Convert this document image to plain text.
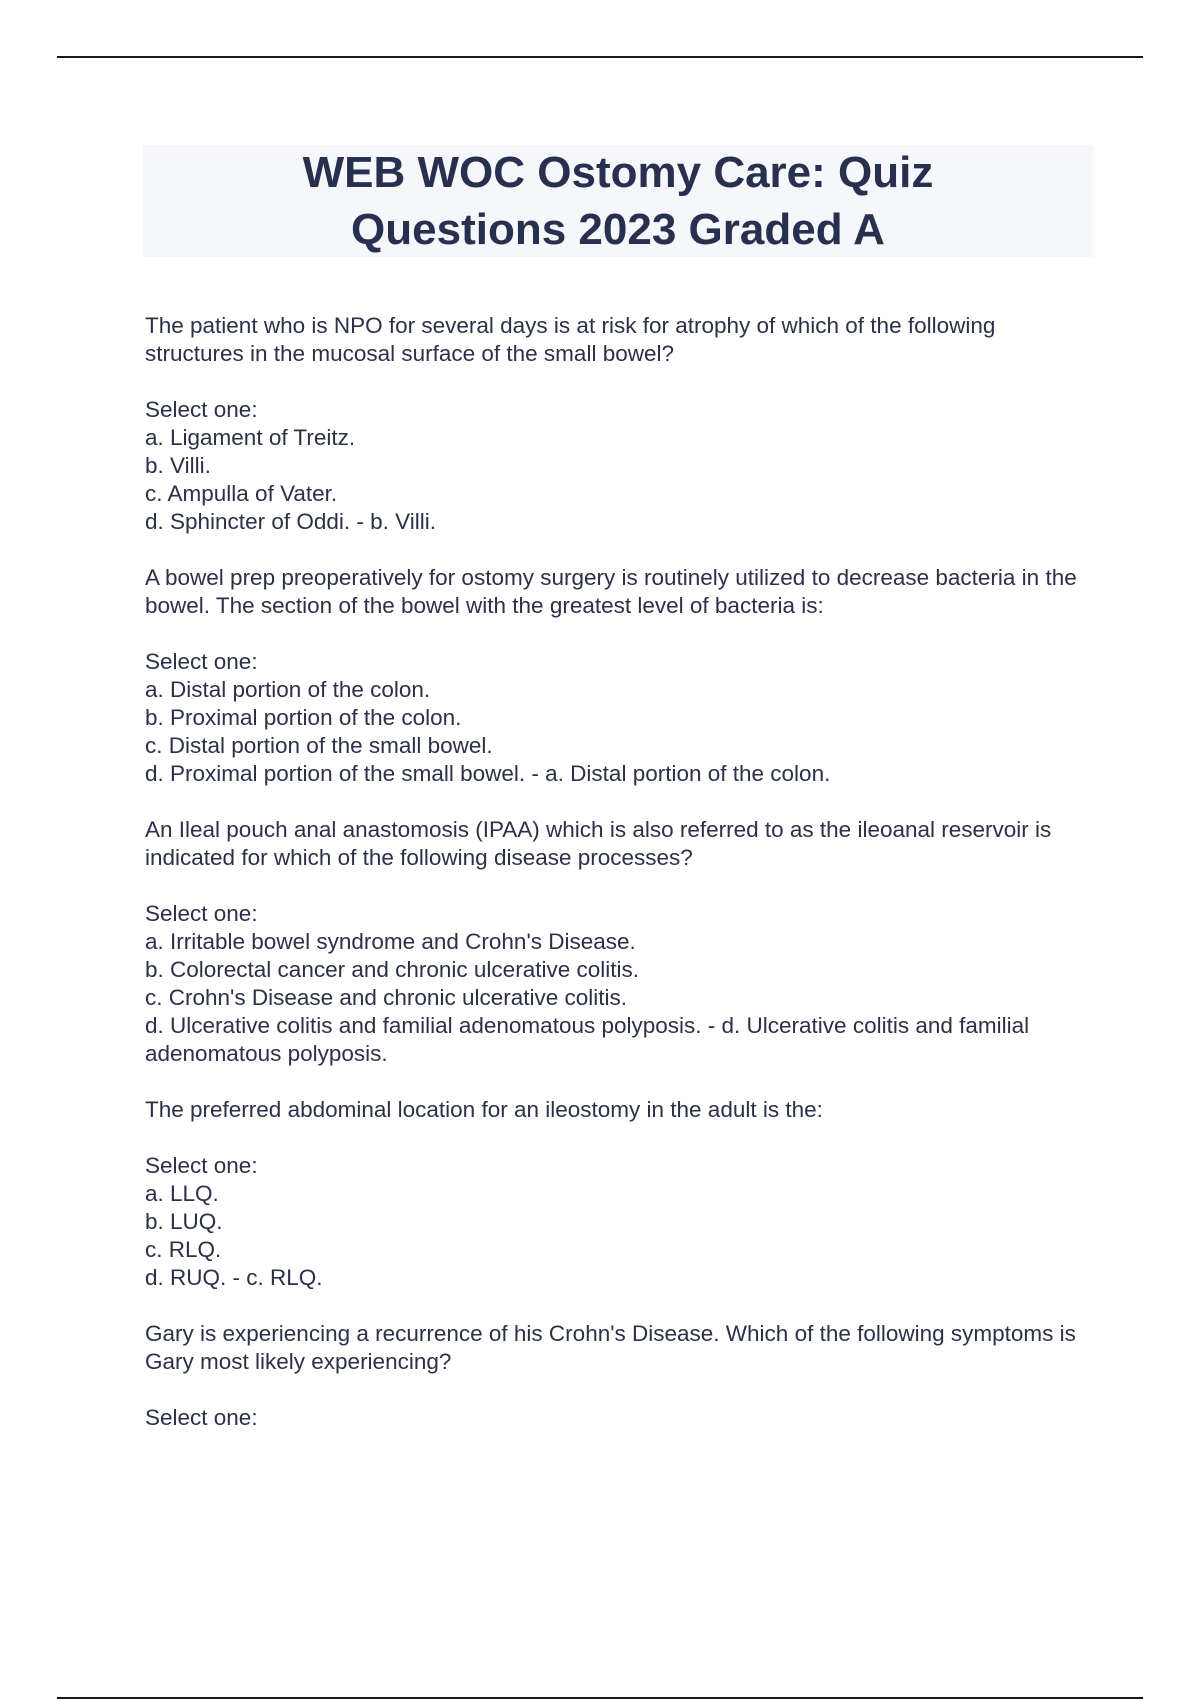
WEB WOC Ostomy Care: Quiz
Questions 2023 Graded A

The patient who is NPO for several days is at risk for atrophy of which of the following structures in the mucosal surface of the small bowel?

Select one:

a. Ligament of Treitz.

b. Villi.

c. Ampulla of Vater.

d. Sphincter of Oddi. - b. Villi.

A bowel prep preoperatively for ostomy surgery is routinely utilized to decrease bacteria in the bowel. The section of the bowel with the greatest level of bacteria is:

Select one:

a. Distal portion of the colon.

b. Proximal portion of the colon.

c. Distal portion of the small bowel.

d. Proximal portion of the small bowel. - a. Distal portion of the colon.

An Ileal pouch anal anastomosis (IPAA) which is also referred to as the ileoanal reservoir is indicated for which of the following disease processes?

Select one:

a. Irritable bowel syndrome and Crohn's Disease.

b. Colorectal cancer and chronic ulcerative colitis.

c. Crohn's Disease and chronic ulcerative colitis.

d. Ulcerative colitis and familial adenomatous polyposis. - d. Ulcerative colitis and familial adenomatous polyposis.

The preferred abdominal location for an ileostomy in the adult is the:

Select one:

a. LLQ.

b. LUQ.

c. RLQ.

d. RUQ. - c. RLQ.

Gary is experiencing a recurrence of his Crohn's Disease. Which of the following symptoms is Gary most likely experiencing?

Select one:
